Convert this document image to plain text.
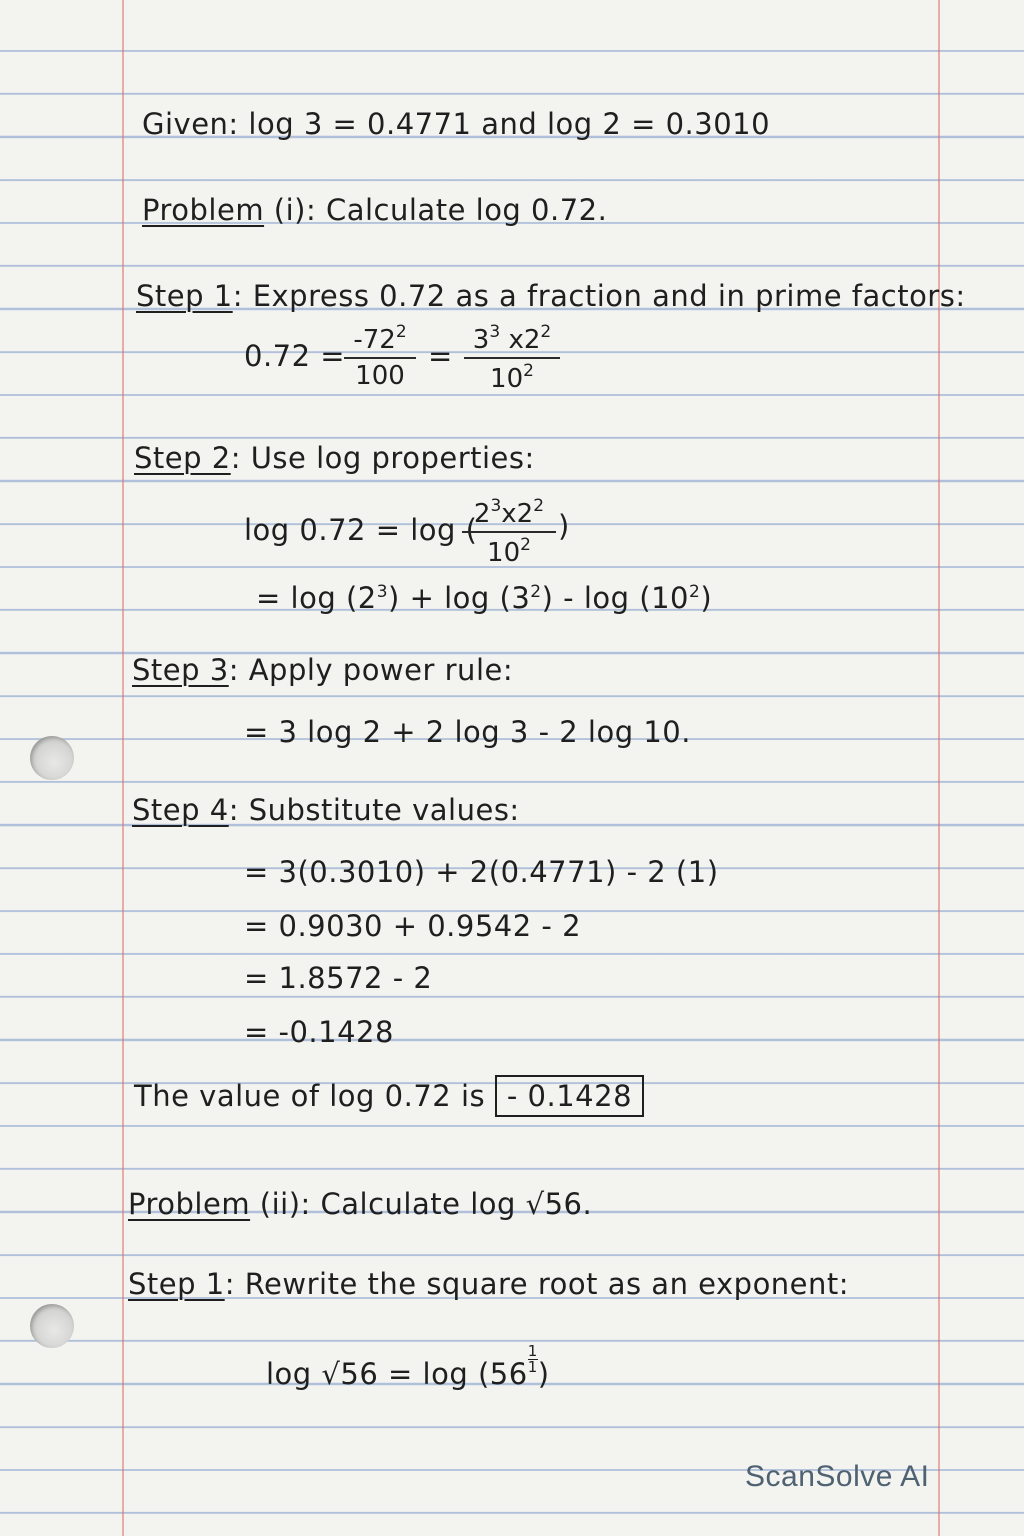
Given: log 3 = 0.4771 and log 2 = 0.3010
Problem (i): Calculate log 0.72.
Step 1: Express 0.72 as a fraction and in prime factors:
0.72 =
$\frac{-72^2}{100} = \frac{3^3 x2^2}{10^2}$
Step 2: Use log properties:
log 0.72 = log (
$\frac{2^3x2^2}{10^2}$ )
= $\log (2^3) + \log (3^2) - \log (10^2)$
Step 3: Apply power rule:
= 3 log 2 + 2 log 3 - 2 log 10.
Step 4: Substitute values:
= 3(0.3010) + 2(0.4771) - 2 (1)
= 0.9030 + 0.9542 - 2
= 1.8572 - 2
= -0.1428
The value of log 0.72 is - 0.1428
Problem (ii): Calculate log √56.
Step 1: Rewrite the square root as an exponent:
$\log √56 = \log (56 \frac{1}{1}$ )
ScanSolve AI
